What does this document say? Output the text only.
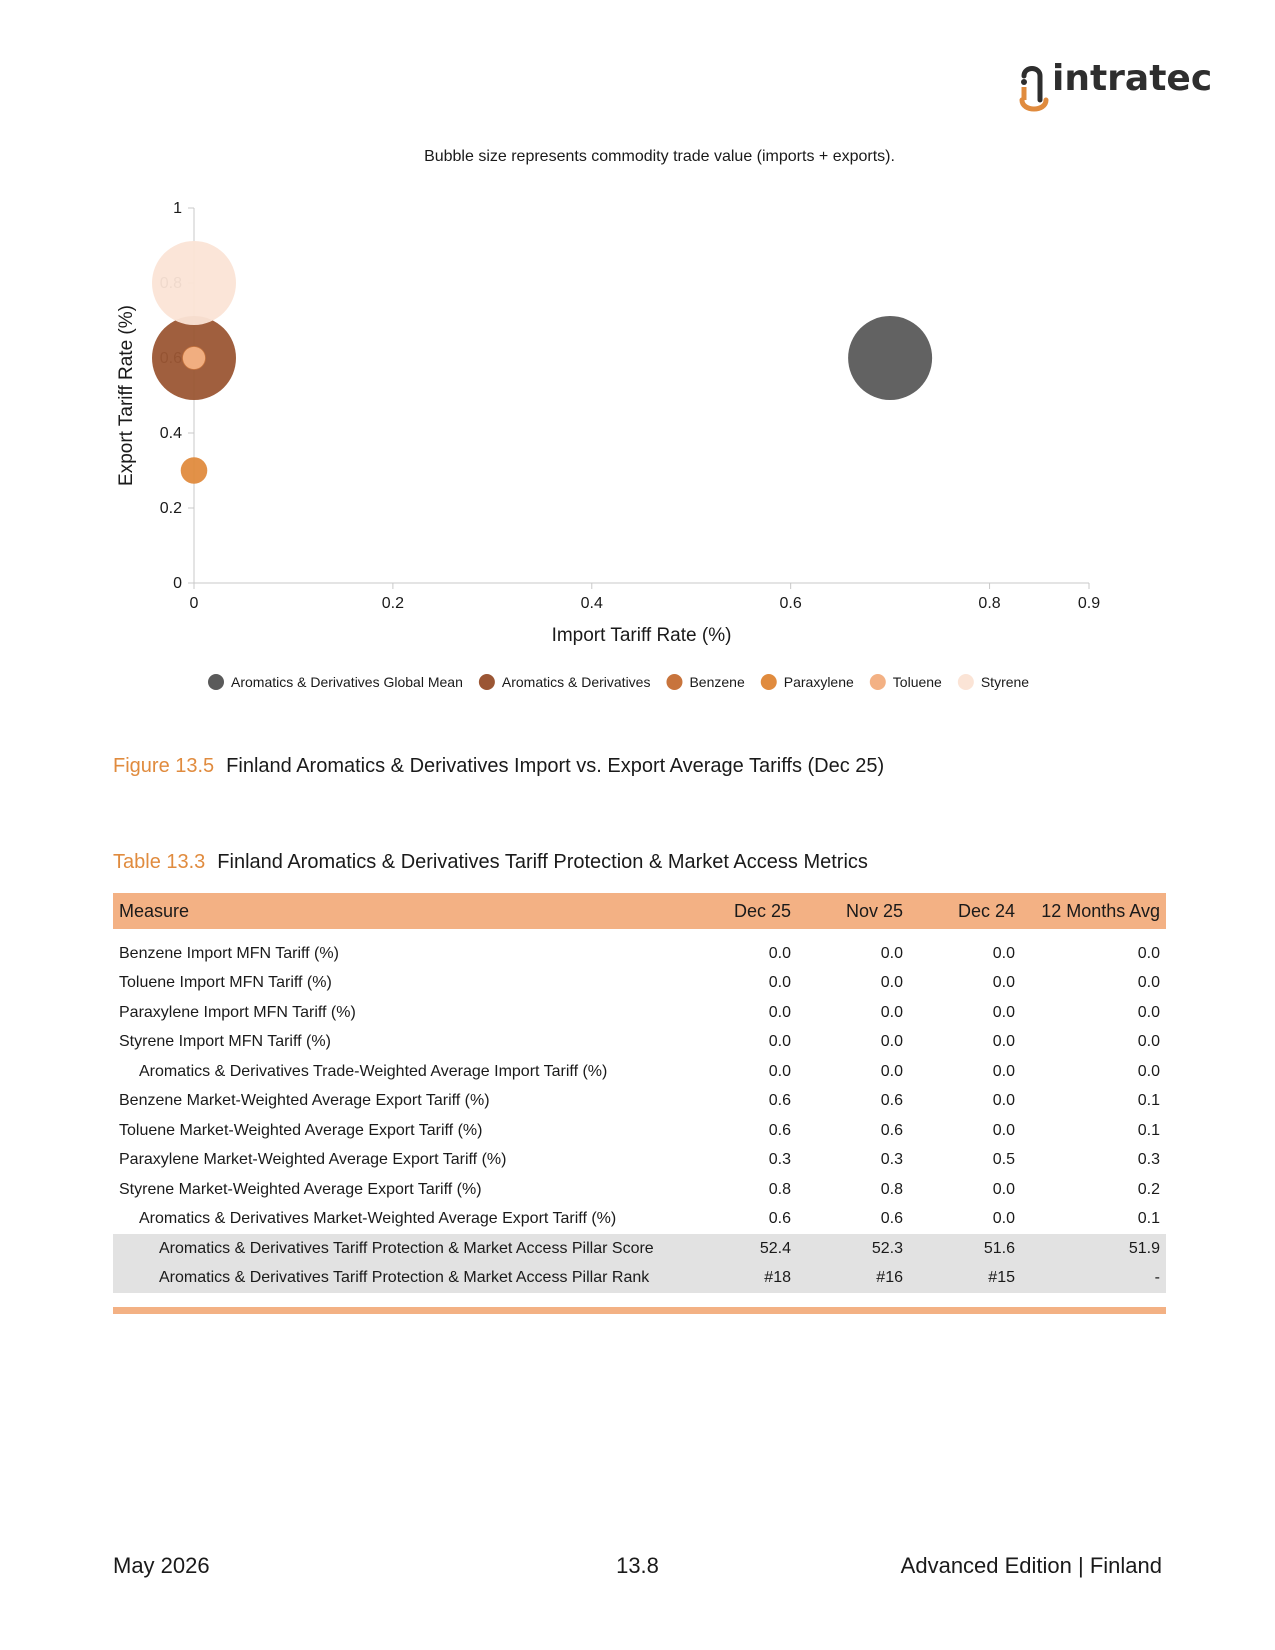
intratec
Bubble size represents commodity trade value (imports + exports).
0
0.2
0.4
1
0	0.2	0.4	0.6	0.8	0.9
Import Tariff Rate (%)
Export Tariff Rate (%)
Aromatics & Derivatives Global Mean	Aromatics & Derivatives	Benzene	Paraxylene	Toluene	Styrene
Figure 13.5 Finland Aromatics & Derivatives Import vs. Export Average Tariffs (Dec 25)
Table 13.3 Finland Aromatics & Derivatives Tariff Protection & Market Access Metrics
Measure	Dec 25	Nov 25	Dec 24	12 Months Avg

Benzene Import MFN Tariff (%)	0.0	0.0	0.0	0.0
Toluene Import MFN Tariff (%)	0.0	0.0	0.0	0.0
Paraxylene Import MFN Tariff (%)	0.0	0.0	0.0	0.0
Styrene Import MFN Tariff (%)	0.0	0.0	0.0	0.0
Aromatics & Derivatives Trade-Weighted Average Import Tariff (%)	0.0	0.0	0.0	0.0
Benzene Market-Weighted Average Export Tariff (%)	0.6	0.6	0.0	0.1
Toluene Market-Weighted Average Export Tariff (%)	0.6	0.6	0.0	0.1
Paraxylene Market-Weighted Average Export Tariff (%)	0.3	0.3	0.5	0.3
Styrene Market-Weighted Average Export Tariff (%)	0.8	0.8	0.0	0.2
Aromatics & Derivatives Market-Weighted Average Export Tariff (%)	0.6	0.6	0.0	0.1
Aromatics & Derivatives Tariff Protection & Market Access Pillar Score	52.4	52.3	51.6	51.9
Aromatics & Derivatives Tariff Protection & Market Access Pillar Rank	#18	#16	#15	-
May 2026	13.8	Advanced Edition | Finland
